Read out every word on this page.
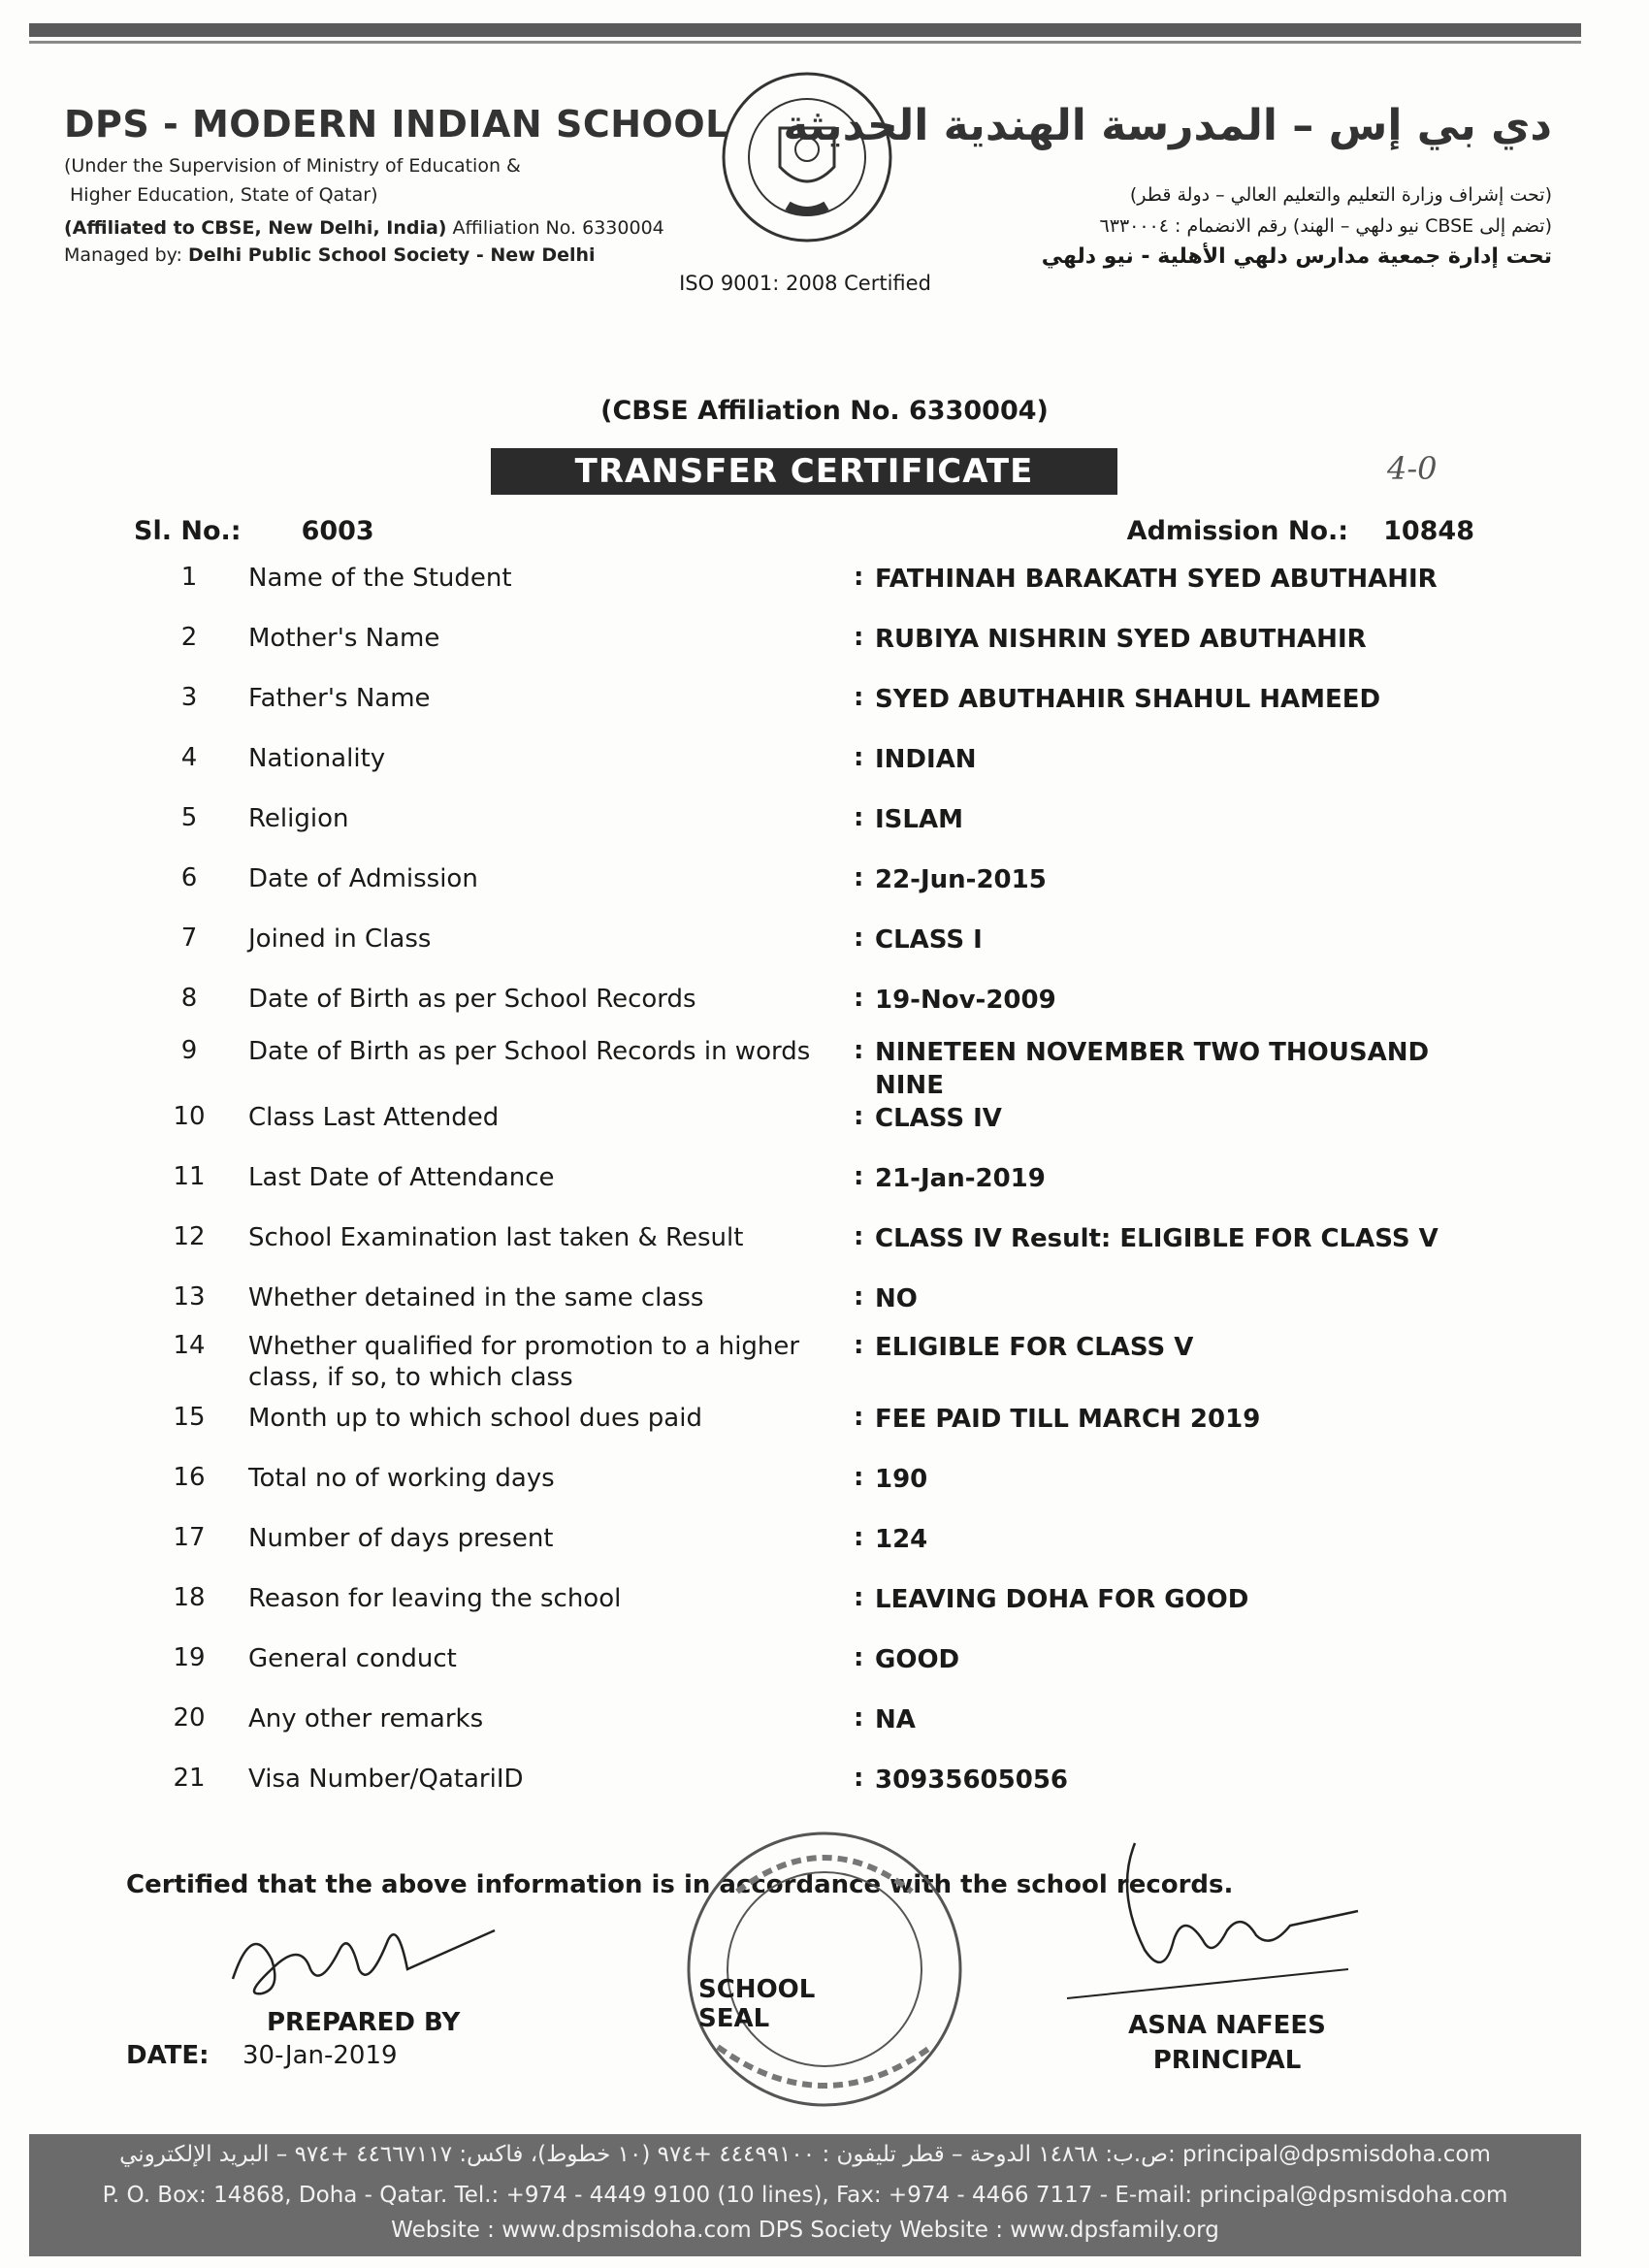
DPS - MODERN INDIAN SCHOOL
(Under the Supervision of Ministry of Education &
Higher Education, State of Qatar)
(Affiliated to CBSE, New Delhi, India) Affiliation No. 6330004
Managed by: Delhi Public School Society - New Delhi
ISO 9001: 2008 Certified
دي بي إس – المدرسة الهندية الحديثة
(تحت إشراف وزارة التعليم والتعليم العالي – دولة قطر)
(تضم إلى CBSE نيو دلهي – الهند) رقم الانضمام : ٦٣٣٠٠٠٤
تحت إدارة جمعية مدارس دلهي الأهلية - نيو دلهي
(CBSE Affiliation No. 6330004)
TRANSFER CERTIFICATE	4-0
Sl. No.: 6003	Admission No.: 10848
1	Name of the Student	: FATHINAH BARAKATH SYED ABUTHAHIR
2	Mother's Name	: RUBIYA NISHRIN SYED ABUTHAHIR
3	Father's Name	: SYED ABUTHAHIR SHAHUL HAMEED
4	Nationality	: INDIAN
5	Religion	: ISLAM
6	Date of Admission	: 22-Jun-2015
7	Joined in Class	: CLASS I
8	Date of Birth as per School Records	: 19-Nov-2009
9	Date of Birth as per School Records in words	: NINETEEN NOVEMBER TWO THOUSAND NINE
10	Class Last Attended	: CLASS IV
11	Last Date of Attendance	: 21-Jan-2019
12	School Examination last taken & Result	: CLASS IV Result: ELIGIBLE FOR CLASS V
13	Whether detained in the same class	: NO
14	Whether qualified for promotion to a higher class, if so, to which class
: ELIGIBLE FOR CLASS V
15	Month up to which school dues paid	: FEE PAID TILL MARCH 2019
16	Total no of working days	: 190
17	Number of days present	: 124
18	Reason for leaving the school	: LEAVING DOHA FOR GOOD
19	General conduct	: GOOD
20	Any other remarks	: NA
21	Visa Number/QatariID	: 30935605056
Certified that the above information is in accordance with the school records.
PREPARED BY
DATE: 30-Jan-2019
SCHOOL SEAL	ASNA NAFEES
PRINCIPAL
ص.ب: ١٤٨٦٨ الدوحة – قطر تليفون : ٤٤٤٩٩١٠٠ +٩٧٤ (١٠ خطوط)، فاكس: ٤٤٦٦٧١١٧ +٩٧٤ – البريد الإلكتروني: principal@dpsmisdoha.com
P. O. Box: 14868, Doha - Qatar. Tel.: +974 - 4449 9100 (10 lines), Fax: +974 - 4466 7117 - E-mail: principal@dpsmisdoha.com
Website : www.dpsmisdoha.com DPS Society Website : www.dpsfamily.org
